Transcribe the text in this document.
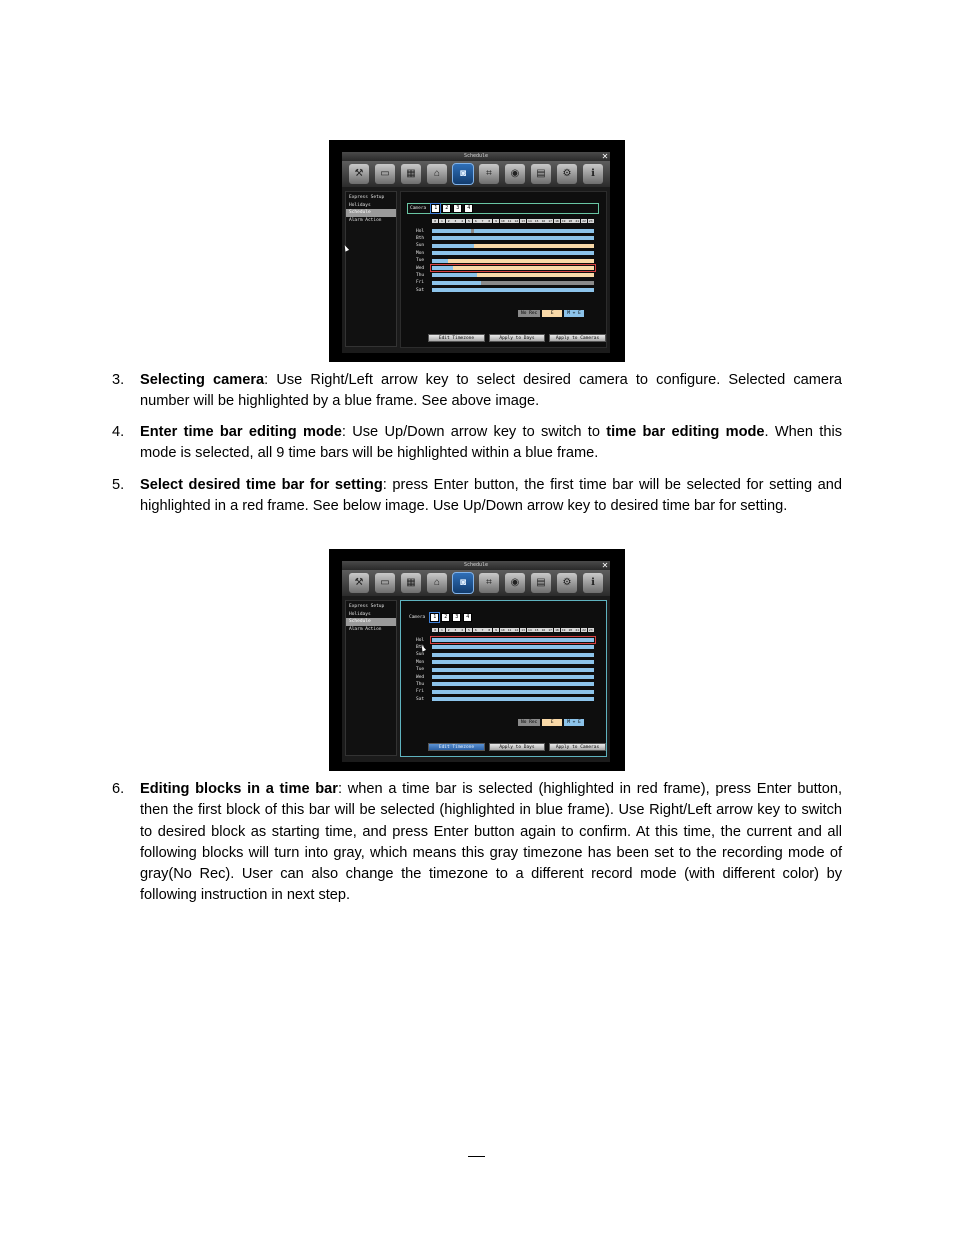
Schedule	✕
⚒	▭	▦	⌂	◙	⌗	◉	▤	⚙	ℹ
Express Setup
Holidays
Schedule
Alarm Action
Camera	1	2	3	4
0	1	2	3	4	5	6	7	8	9	10	11	12	13	14	15	16	17	18	19	20	21	22	23
Hol
Bth
Sun
Mon
Tue
Wed
Thu
Fri
Sat
No Rec	E	M + E
Edit Timezone	Apply to Days	Apply to Cameras
3. Selecting camera: Use Right/Left arrow key to select desired camera to configure. Selected camera number will be highlighted by a blue frame. See above image.
4. Enter time bar editing mode: Use Up/Down arrow key to switch to time bar editing mode. When this mode is selected, all 9 time bars will be highlighted within a blue frame.
5. Select desired time bar for setting: press Enter button, the first time bar will be selected for setting and highlighted in a red frame. See below image. Use Up/Down arrow key to desired time bar for setting.
Schedule	✕
⚒	▭	▦	⌂	◙	⌗	◉	▤	⚙	ℹ
Express Setup
Holidays
Schedule
Alarm Action
Camera	1	2	3	4
0	1	2	3	4	5	6	7	8	9	10	11	12	13	14	15	16	17	18	19	20	21	22	23
Hol
Bth
Sun
Mon
Tue
Wed
Thu
Fri
Sat
No Rec	E	M + E
Edit Timezone	Apply to Days	Apply to Cameras
6. Editing blocks in a time bar: when a time bar is selected (highlighted in red frame), press Enter button, then the first block of this bar will be selected (highlighted in blue frame). Use Right/Left arrow key to switch to desired block as starting time, and press Enter button again to confirm. At this time, the current and all following blocks will turn into gray, which means this gray timezone has been set to the recording mode of gray(No Rec). User can also change the timezone to a different record mode (with different color) by following instruction in next step.
